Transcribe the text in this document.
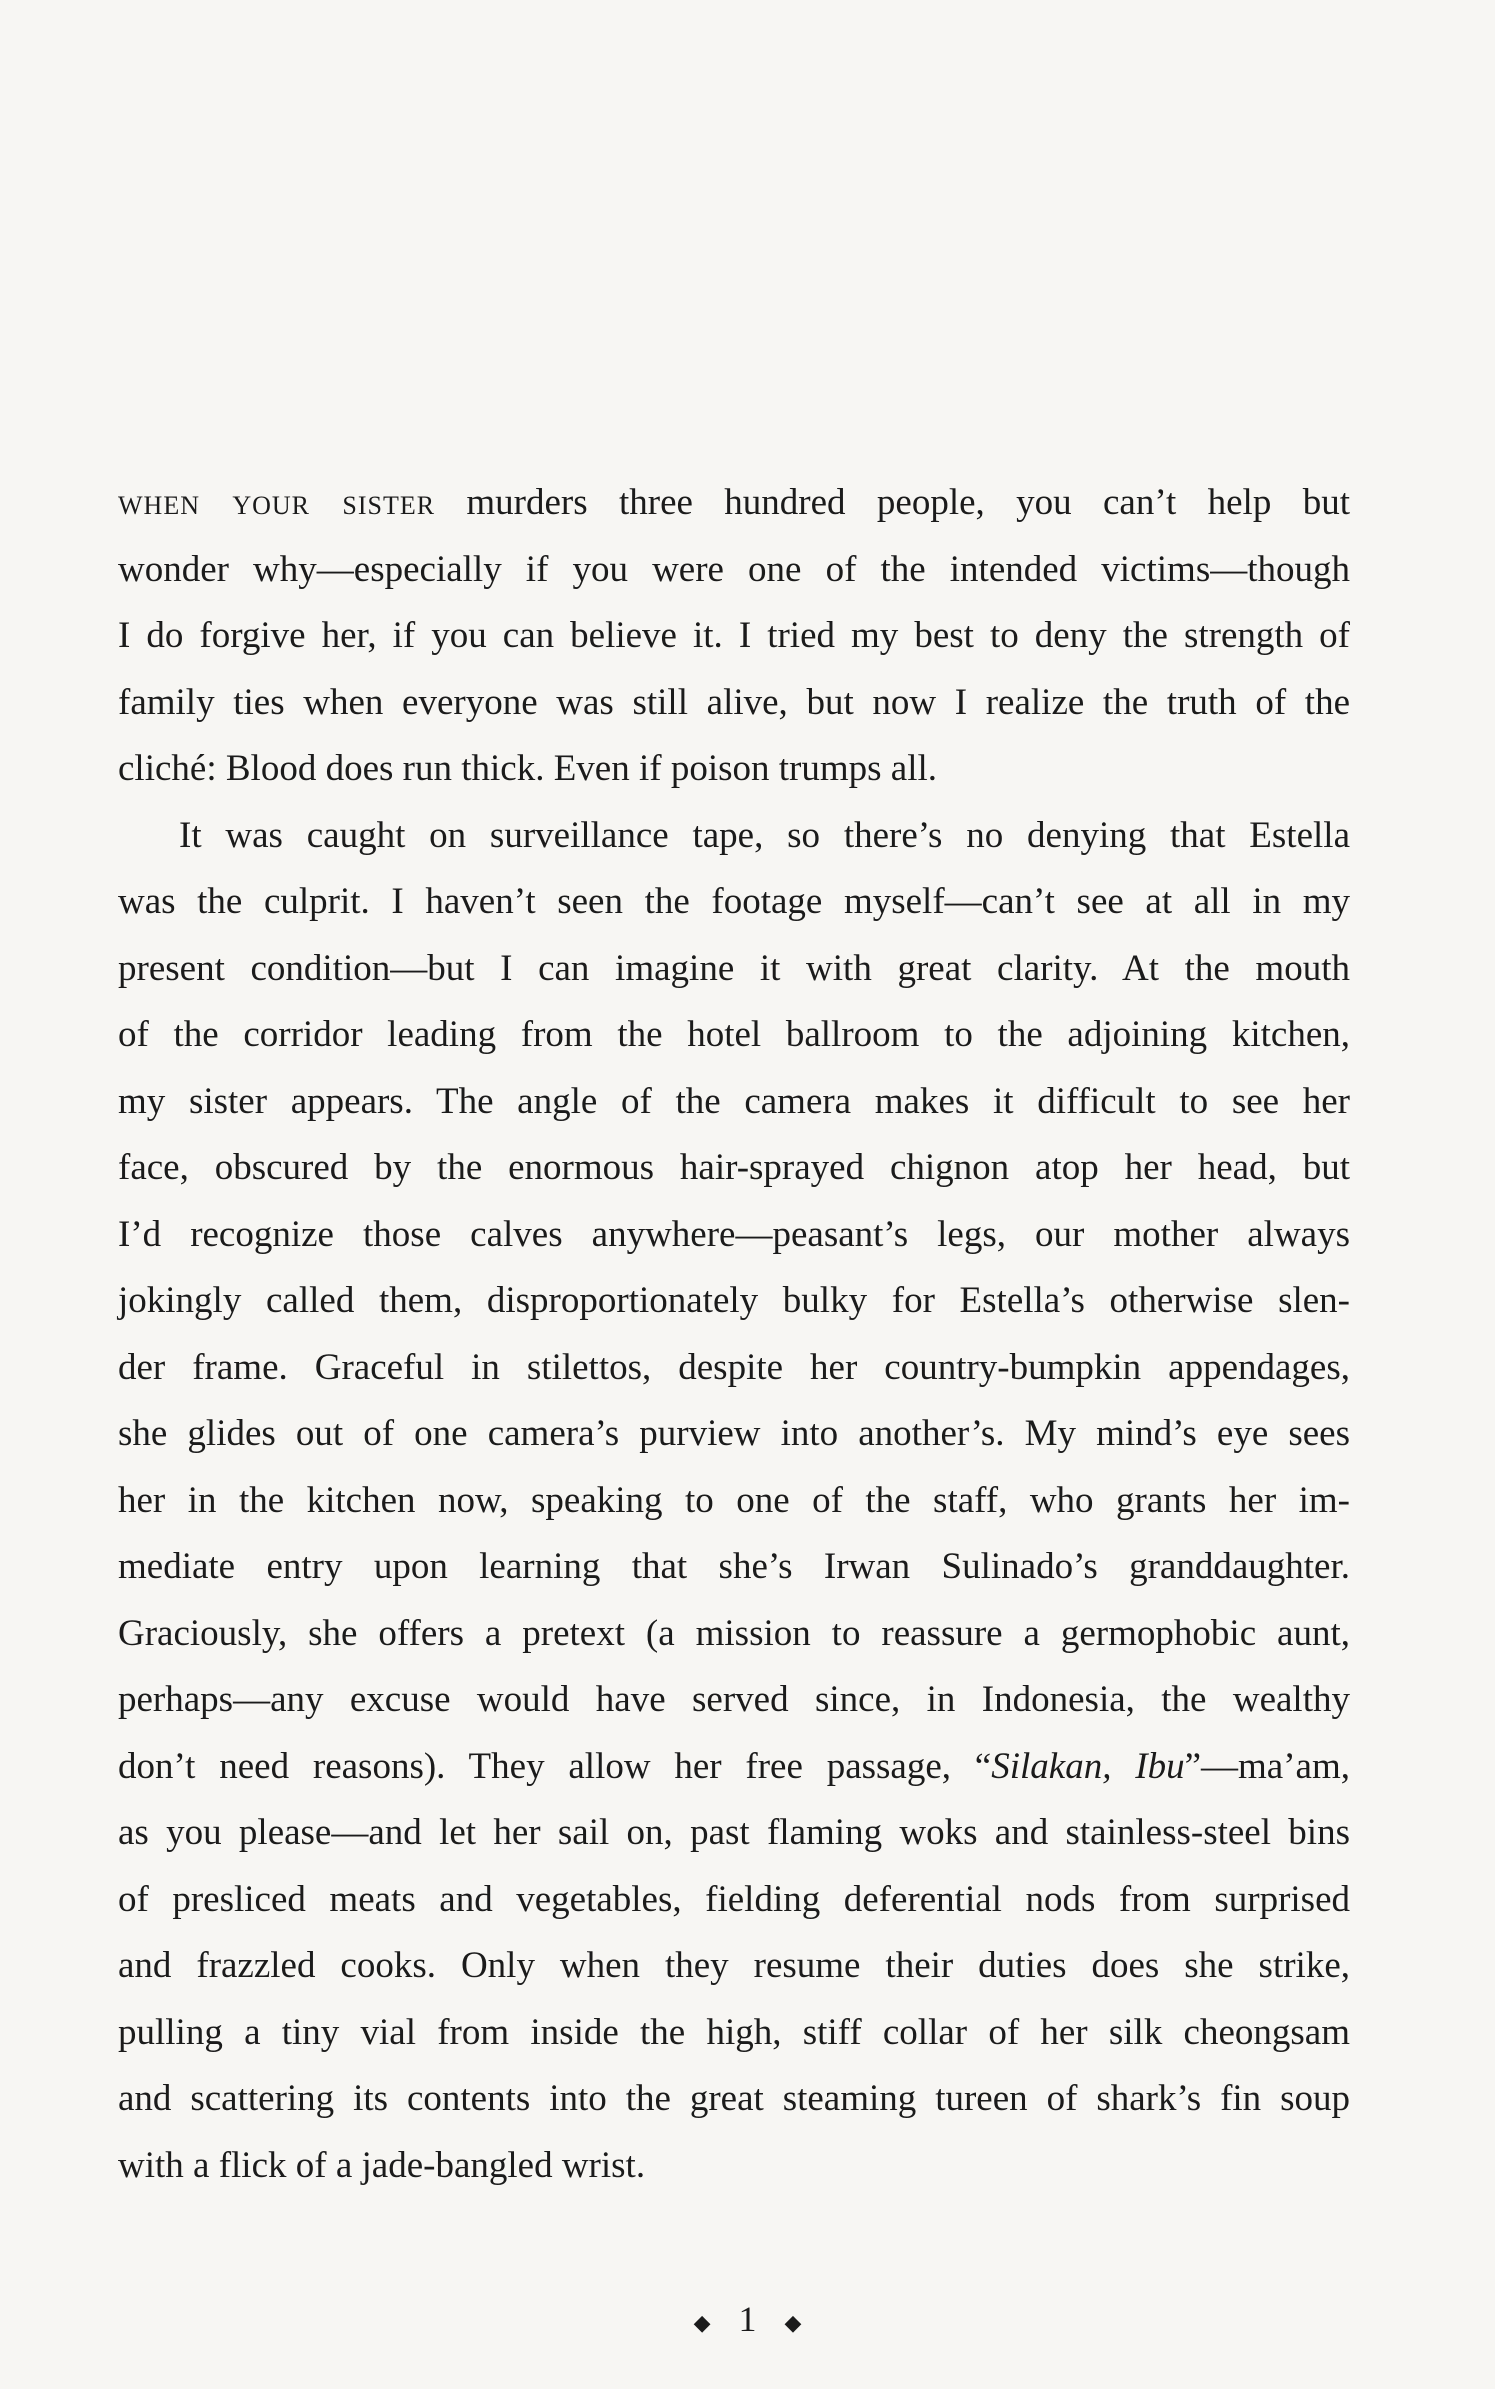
when your sister murders three hundred people, you can’t help but
wonder why—especially if you were one of the intended victims—though
I do forgive her, if you can believe it. I tried my best to deny the strength of
family ties when everyone was still alive, but now I realize the truth of the
cliché: Blood does run thick. Even if poison trumps all.
It was caught on surveillance tape, so there’s no denying that Estella
was the culprit. I haven’t seen the footage myself—can’t see at all in my
present condition—but I can imagine it with great clarity. At the mouth
of the corridor leading from the hotel ballroom to the adjoining kitchen,
my sister appears. The angle of the camera makes it difficult to see her
face, obscured by the enormous hair-sprayed chignon atop her head, but
I’d recognize those calves anywhere—peasant’s legs, our mother always
jokingly called them, disproportionately bulky for Estella’s otherwise slen-
der frame. Graceful in stilettos, despite her country-bumpkin appendages,
she glides out of one camera’s purview into another’s. My mind’s eye sees
her in the kitchen now, speaking to one of the staff, who grants her im-
mediate entry upon learning that she’s Irwan Sulinado’s granddaughter.
Graciously, she offers a pretext (a mission to reassure a germophobic aunt,
perhaps—any excuse would have served since, in Indonesia, the wealthy
don’t need reasons). They allow her free passage, “Silakan, Ibu”—ma’am,
as you please—and let her sail on, past flaming woks and stainless-steel bins
of presliced meats and vegetables, fielding deferential nods from surprised
and frazzled cooks. Only when they resume their duties does she strike,
pulling a tiny vial from inside the high, stiff collar of her silk cheongsam
and scattering its contents into the great steaming tureen of shark’s fin soup
with a flick of a jade-bangled wrist.
◆ 1 ◆
